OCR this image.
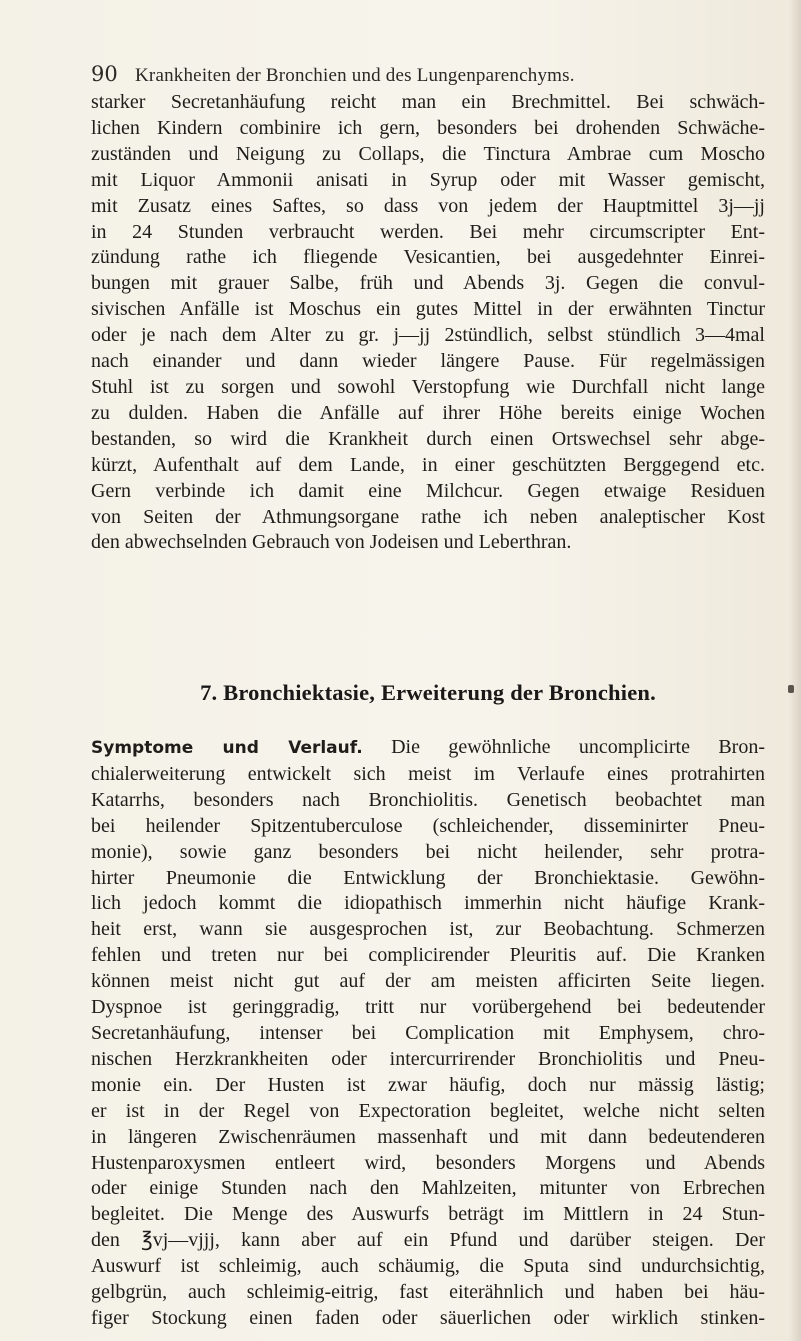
90 Krankheiten der Bronchien und des Lungenparenchyms.
starker Secretanhäufung reicht man ein Brechmittel. Bei schwäch-
lichen Kindern combinire ich gern, besonders bei drohenden Schwäche-
zuständen und Neigung zu Collaps, die Tinctura Ambrae cum Moscho
mit Liquor Ammonii anisati in Syrup oder mit Wasser gemischt,
mit Zusatz eines Saftes, so dass von jedem der Hauptmittel 3j—jj
in 24 Stunden verbraucht werden. Bei mehr circumscripter Ent-
zündung rathe ich fliegende Vesicantien, bei ausgedehnter Einrei-
bungen mit grauer Salbe, früh und Abends 3j. Gegen die convul-
sivischen Anfälle ist Moschus ein gutes Mittel in der erwähnten Tinctur
oder je nach dem Alter zu gr. j—jj 2stündlich, selbst stündlich 3—4mal
nach einander und dann wieder längere Pause. Für regelmässigen
Stuhl ist zu sorgen und sowohl Verstopfung wie Durchfall nicht lange
zu dulden. Haben die Anfälle auf ihrer Höhe bereits einige Wochen
bestanden, so wird die Krankheit durch einen Ortswechsel sehr abge-
kürzt, Aufenthalt auf dem Lande, in einer geschützten Berggegend etc.
Gern verbinde ich damit eine Milchcur. Gegen etwaige Residuen
von Seiten der Athmungsorgane rathe ich neben analeptischer Kost
den abwechselnden Gebrauch von Jodeisen und Leberthran.
7. Bronchiektasie, Erweiterung der Bronchien.
Symptome und Verlauf. Die gewöhnliche uncomplicirte Bron-
chialerweiterung entwickelt sich meist im Verlaufe eines protrahirten
Katarrhs, besonders nach Bronchiolitis. Genetisch beobachtet man
bei heilender Spitzentuberculose (schleichender, disseminirter Pneu-
monie), sowie ganz besonders bei nicht heilender, sehr protra-
hirter Pneumonie die Entwicklung der Bronchiektasie. Gewöhn-
lich jedoch kommt die idiopathisch immerhin nicht häufige Krank-
heit erst, wann sie ausgesprochen ist, zur Beobachtung. Schmerzen
fehlen und treten nur bei complicirender Pleuritis auf. Die Kranken
können meist nicht gut auf der am meisten afficirten Seite liegen.
Dyspnoe ist geringgradig, tritt nur vorübergehend bei bedeutender
Secretanhäufung, intenser bei Complication mit Emphysem, chro-
nischen Herzkrankheiten oder intercurrirender Bronchiolitis und Pneu-
monie ein. Der Husten ist zwar häufig, doch nur mässig lästig;
er ist in der Regel von Expectoration begleitet, welche nicht selten
in längeren Zwischenräumen massenhaft und mit dann bedeutenderen
Hustenparoxysmen entleert wird, besonders Morgens und Abends
oder einige Stunden nach den Mahlzeiten, mitunter von Erbrechen
begleitet. Die Menge des Auswurfs beträgt im Mittlern in 24 Stun-
den ℥vj—vjjj, kann aber auf ein Pfund und darüber steigen. Der
Auswurf ist schleimig, auch schäumig, die Sputa sind undurchsichtig,
gelbgrün, auch schleimig-eitrig, fast eiterähnlich und haben bei häu-
figer Stockung einen faden oder säuerlichen oder wirklich stinken-
